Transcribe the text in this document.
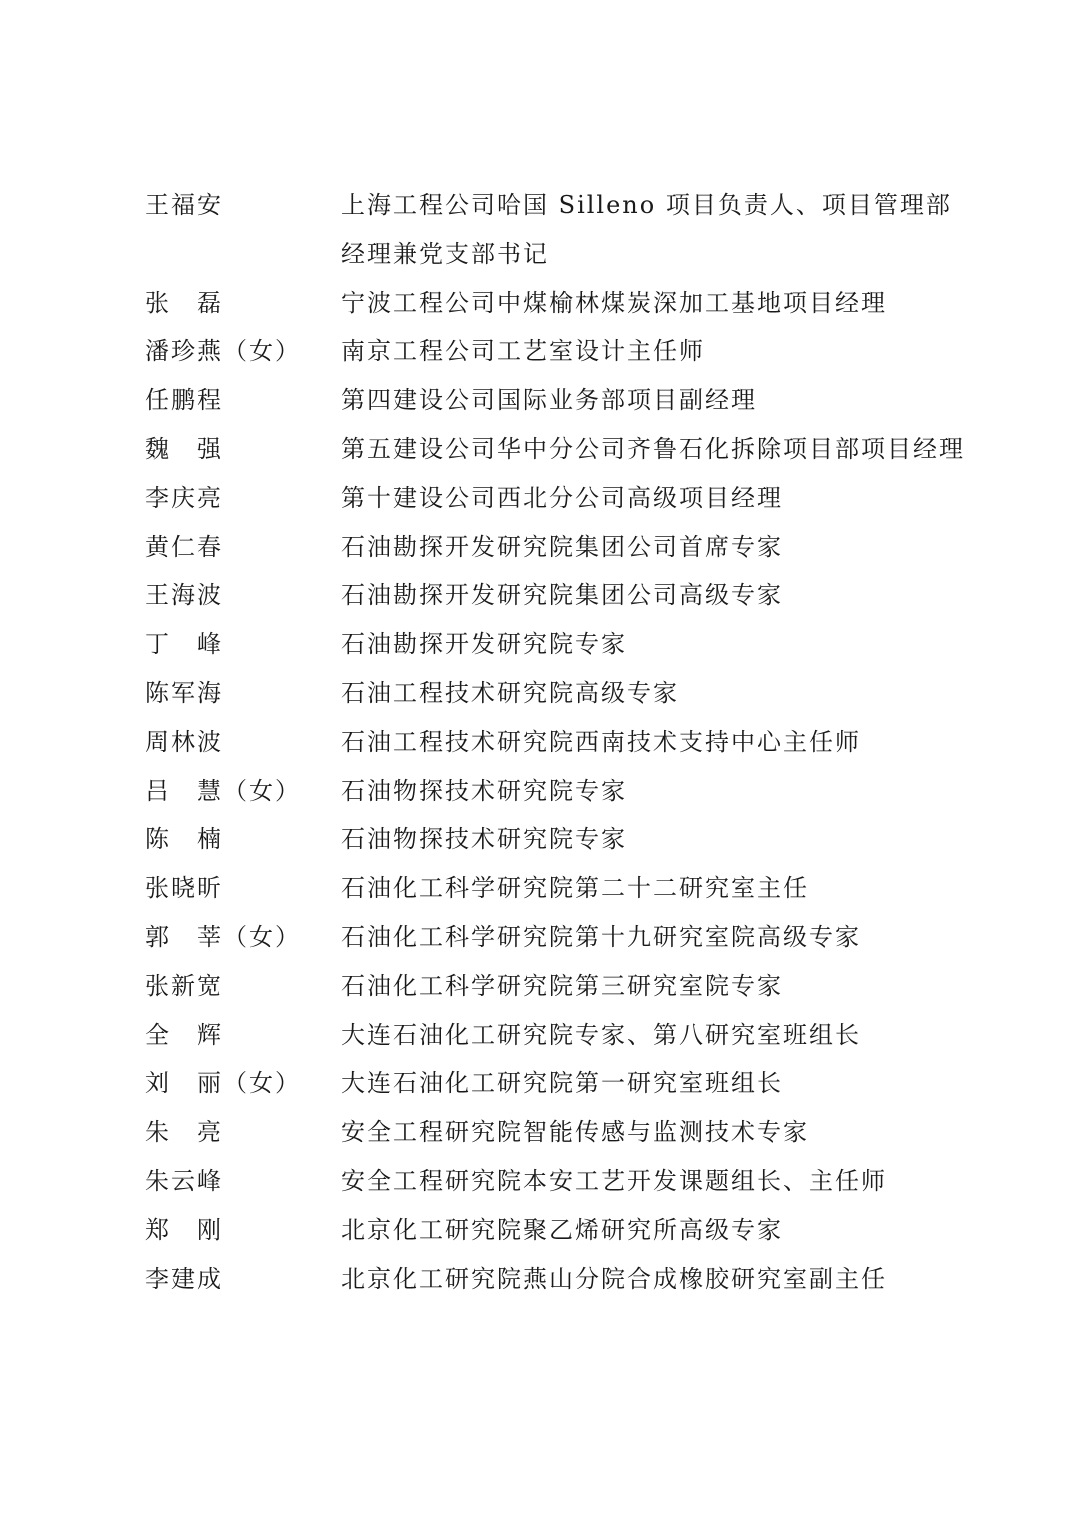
王福安	上海工程公司哈国 Silleno 项目负责人、项目管理部经理兼党支部书记
张　磊	宁波工程公司中煤榆林煤炭深加工基地项目经理
潘珍燕（女）	南京工程公司工艺室设计主任师
任鹏程	第四建设公司国际业务部项目副经理
魏　强	第五建设公司华中分公司齐鲁石化拆除项目部项目经理
李庆亮	第十建设公司西北分公司高级项目经理
黄仁春	石油勘探开发研究院集团公司首席专家
王海波	石油勘探开发研究院集团公司高级专家
丁　峰	石油勘探开发研究院专家
陈军海	石油工程技术研究院高级专家
周林波	石油工程技术研究院西南技术支持中心主任师
吕　慧（女）	石油物探技术研究院专家
陈　楠	石油物探技术研究院专家
张晓昕	石油化工科学研究院第二十二研究室主任
郭　莘（女）	石油化工科学研究院第十九研究室院高级专家
张新宽	石油化工科学研究院第三研究室院专家
全　辉	大连石油化工研究院专家、第八研究室班组长
刘　丽（女）	大连石油化工研究院第一研究室班组长
朱　亮	安全工程研究院智能传感与监测技术专家
朱云峰	安全工程研究院本安工艺开发课题组长、主任师
郑　刚	北京化工研究院聚乙烯研究所高级专家
李建成	北京化工研究院燕山分院合成橡胶研究室副主任
